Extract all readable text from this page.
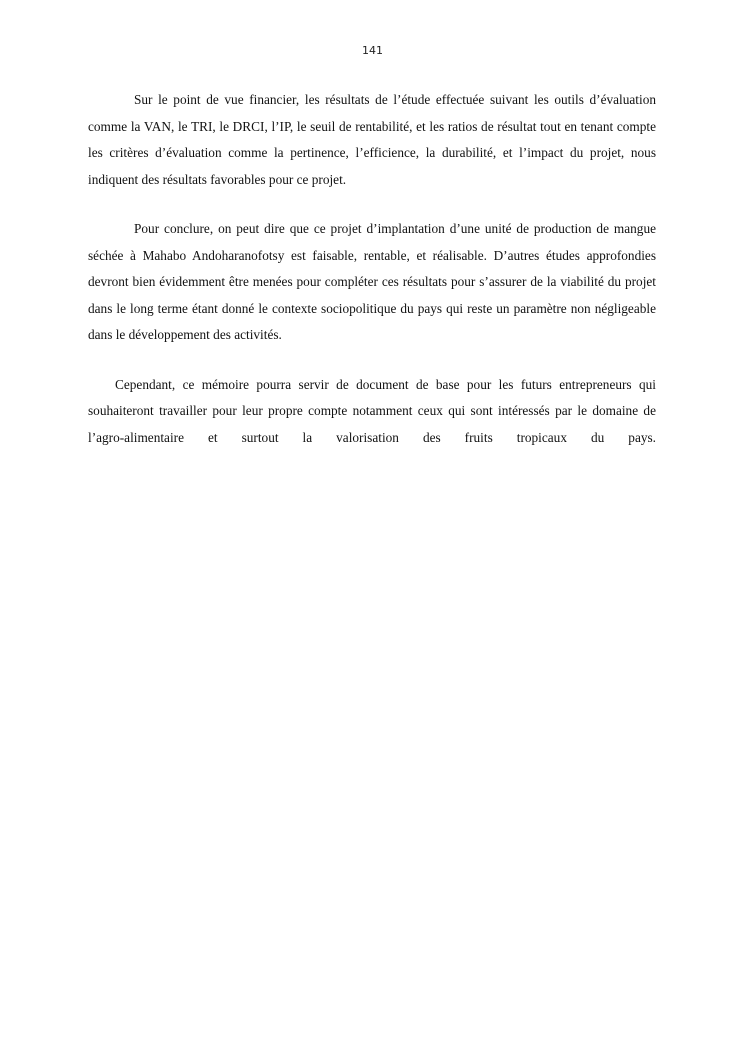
141

Sur le point de vue financier, les résultats de l’étude effectuée suivant les outils d’évaluation comme la VAN, le TRI, le DRCI, l’IP, le seuil de rentabilité, et les ratios de résultat tout en tenant compte les critères d’évaluation comme la pertinence, l’efficience, la durabilité, et l’impact du projet, nous indiquent des résultats favorables pour ce projet.

Pour conclure, on peut dire que ce projet d’implantation d’une unité de production de mangue séchée à Mahabo Andoharanofotsy est faisable, rentable, et réalisable. D’autres études approfondies devront bien évidemment être menées pour compléter ces résultats pour s’assurer de la viabilité du projet dans le long terme étant donné le contexte sociopolitique du pays qui reste un paramètre non négligeable dans le développement des activités.

Cependant, ce mémoire pourra servir de document de base pour les futurs entrepreneurs qui souhaiteront travailler pour leur propre compte notamment ceux qui sont intéressés par le domaine de l’agro-alimentaire et surtout la valorisation des fruits tropicaux du pays.
